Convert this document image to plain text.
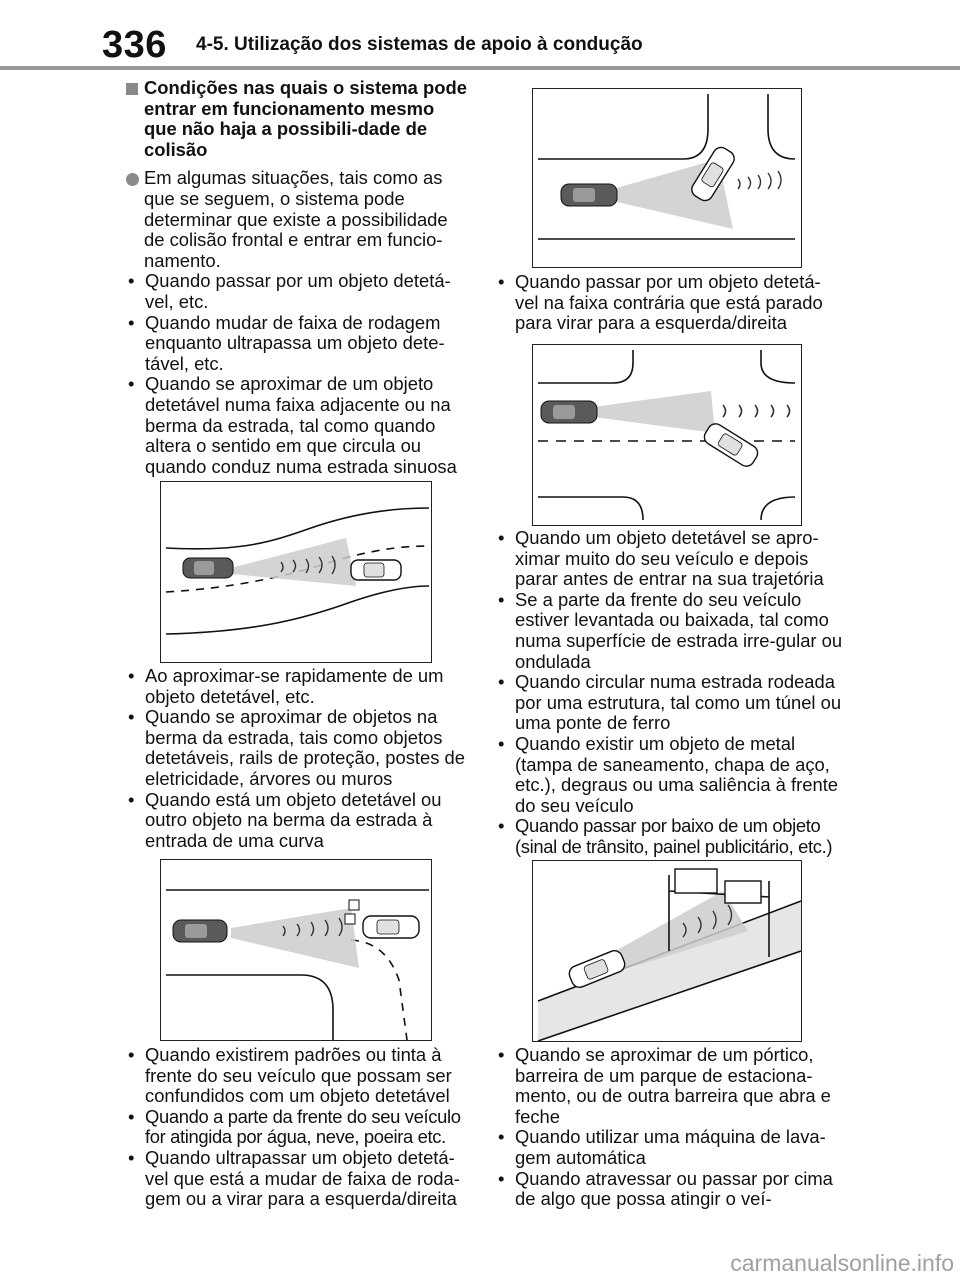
336 4-5. Utilização dos sistemas de apoio à condução
Condições nas quais o sistema pode entrar em funcionamento mesmo que não haja a possibili-dade de colisão
Em algumas situações, tais como as que se seguem, o sistema pode determinar que existe a possibilidade de colisão frontal e entrar em funcio-namento.
• Quando passar por um objeto detetá-vel, etc.
• Quando mudar de faixa de rodagem enquanto ultrapassa um objeto dete-tável, etc.
• Quando se aproximar de um objeto detetável numa faixa adjacente ou na berma da estrada, tal como quando altera o sentido em que circula ou quando conduz numa estrada sinuosa
• Ao aproximar-se rapidamente de um objeto detetável, etc.
• Quando se aproximar de objetos na berma da estrada, tais como objetos detetáveis, rails de proteção, postes de eletricidade, árvores ou muros
• Quando está um objeto detetável ou outro objeto na berma da estrada à entrada de uma curva
• Quando existirem padrões ou tinta à frente do seu veículo que possam ser confundidos com um objeto detetável
• Quando a parte da frente do seu veículo for atingida por água, neve, poeira etc.
• Quando ultrapassar um objeto detetá-vel que está a mudar de faixa de roda-gem ou a virar para a esquerda/direita
• Quando passar por um objeto detetá-vel na faixa contrária que está parado para virar para a esquerda/direita
• Quando um objeto detetável se apro-ximar muito do seu veículo e depois parar antes de entrar na sua trajetória
• Se a parte da frente do seu veículo estiver levantada ou baixada, tal como numa superfície de estrada irre-gular ou ondulada
• Quando circular numa estrada rodeada por uma estrutura, tal como um túnel ou uma ponte de ferro
• Quando existir um objeto de metal (tampa de saneamento, chapa de aço, etc.), degraus ou uma saliência à frente do seu veículo
• Quando passar por baixo de um objeto (sinal de trânsito, painel publicitário, etc.)
• Quando se aproximar de um pórtico, barreira de um parque de estaciona-mento, ou de outra barreira que abra e feche
• Quando utilizar uma máquina de lava-gem automática
• Quando atravessar ou passar por cima de algo que possa atingir o veí-
carmanualsonline.info
